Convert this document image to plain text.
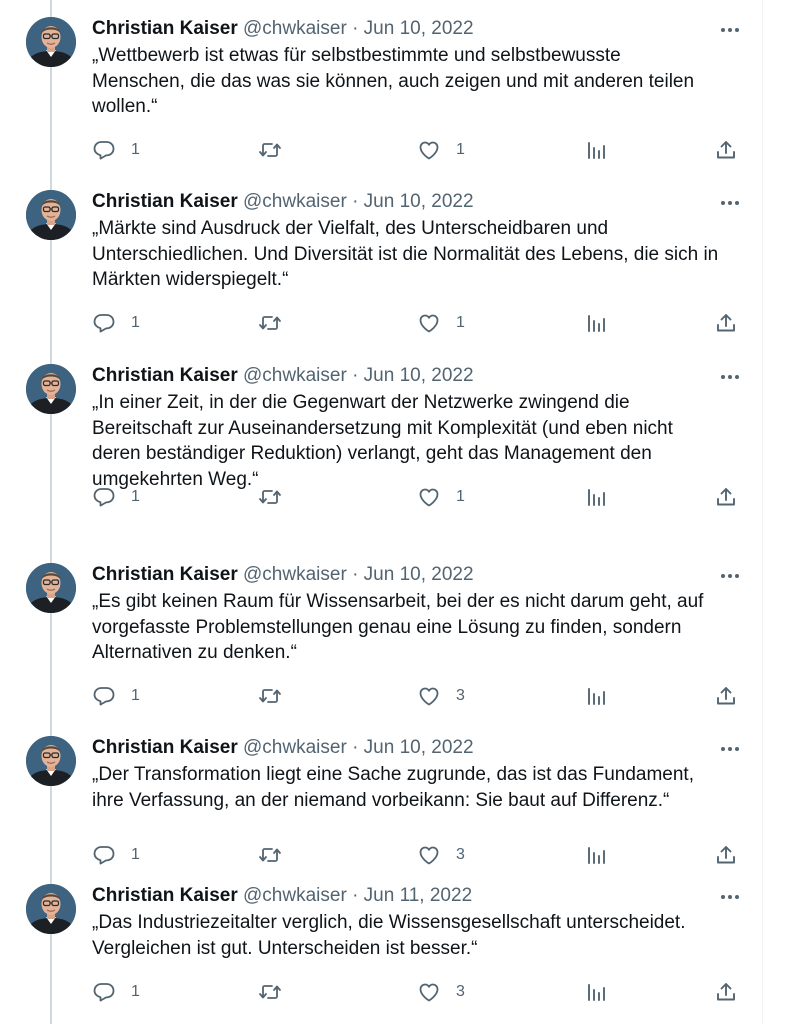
Christian Kaiser @chwkaiser · Jun 10, 2022

„Wettbewerb ist etwas für selbstbestimmte und selbstbewusste
Menschen, die das was sie können, auch zeigen und mit anderen teilen
wollen.“

1	1
Christian Kaiser @chwkaiser · Jun 10, 2022

„Märkte sind Ausdruck der Vielfalt, des Unterscheidbaren und
Unterschiedlichen. Und Diversität ist die Normalität des Lebens, die sich in
Märkten widerspiegelt.“

1	1
Christian Kaiser @chwkaiser · Jun 10, 2022

„In einer Zeit, in der die Gegenwart der Netzwerke zwingend die
Bereitschaft zur Auseinandersetzung mit Komplexität (und eben nicht
deren beständiger Reduktion) verlangt, geht das Management den
umgekehrten Weg.“

1	1
Christian Kaiser @chwkaiser · Jun 10, 2022

„Es gibt keinen Raum für Wissensarbeit, bei der es nicht darum geht, auf
vorgefasste Problemstellungen genau eine Lösung zu finden, sondern
Alternativen zu denken.“

1	3
Christian Kaiser @chwkaiser · Jun 10, 2022

„Der Transformation liegt eine Sache zugrunde, das ist das Fundament,
ihre Verfassung, an der niemand vorbeikann: Sie baut auf Differenz.“

1	3
Christian Kaiser @chwkaiser · Jun 11, 2022

„Das Industriezeitalter verglich, die Wissensgesellschaft unterscheidet.
Vergleichen ist gut. Unterscheiden ist besser.“

1	3
